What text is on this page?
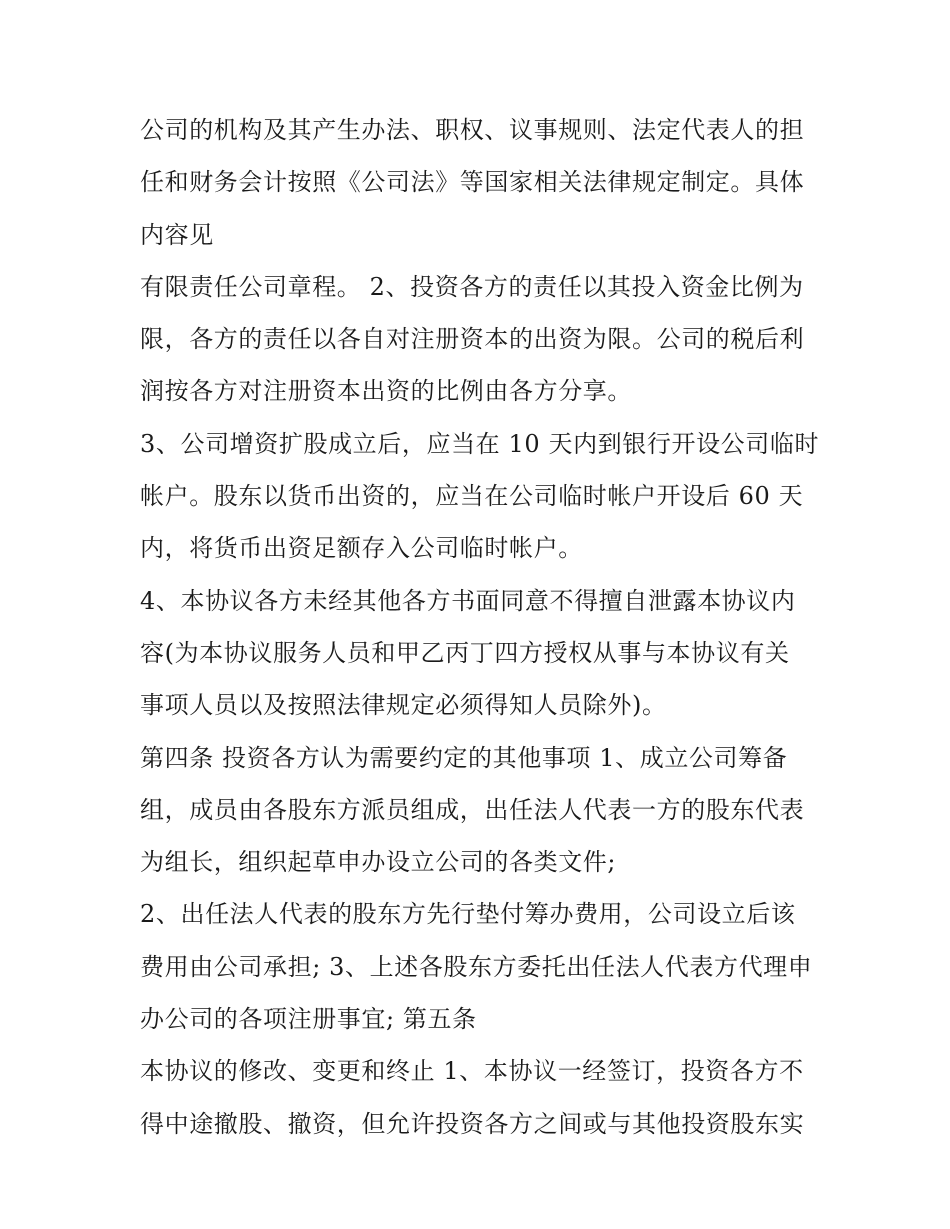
公司的机构及其产生办法、职权、议事规则、法定代表人的担
任和财务会计按照《公司法》等国家相关法律规定制定。具体
内容见
有限责任公司章程。 2、投资各方的责任以其投入资金比例为
限，各方的责任以各自对注册资本的出资为限。公司的税后利
润按各方对注册资本出资的比例由各方分享。
3、公司增资扩股成立后，应当在 10 天内到银行开设公司临时
帐户。股东以货币出资的，应当在公司临时帐户开设后 60 天
内，将货币出资足额存入公司临时帐户。
4、本协议各方未经其他各方书面同意不得擅自泄露本协议内
容(为本协议服务人员和甲乙丙丁四方授权从事与本协议有关
事项人员以及按照法律规定必须得知人员除外)。
第四条 投资各方认为需要约定的其他事项 1、成立公司筹备
组，成员由各股东方派员组成，出任法人代表一方的股东代表
为组长，组织起草申办设立公司的各类文件;
2、出任法人代表的股东方先行垫付筹办费用，公司设立后该
费用由公司承担; 3、上述各股东方委托出任法人代表方代理申
办公司的各项注册事宜; 第五条
本协议的修改、变更和终止 1、本协议一经签订，投资各方不
得中途撤股、撤资，但允许投资各方之间或与其他投资股东实
